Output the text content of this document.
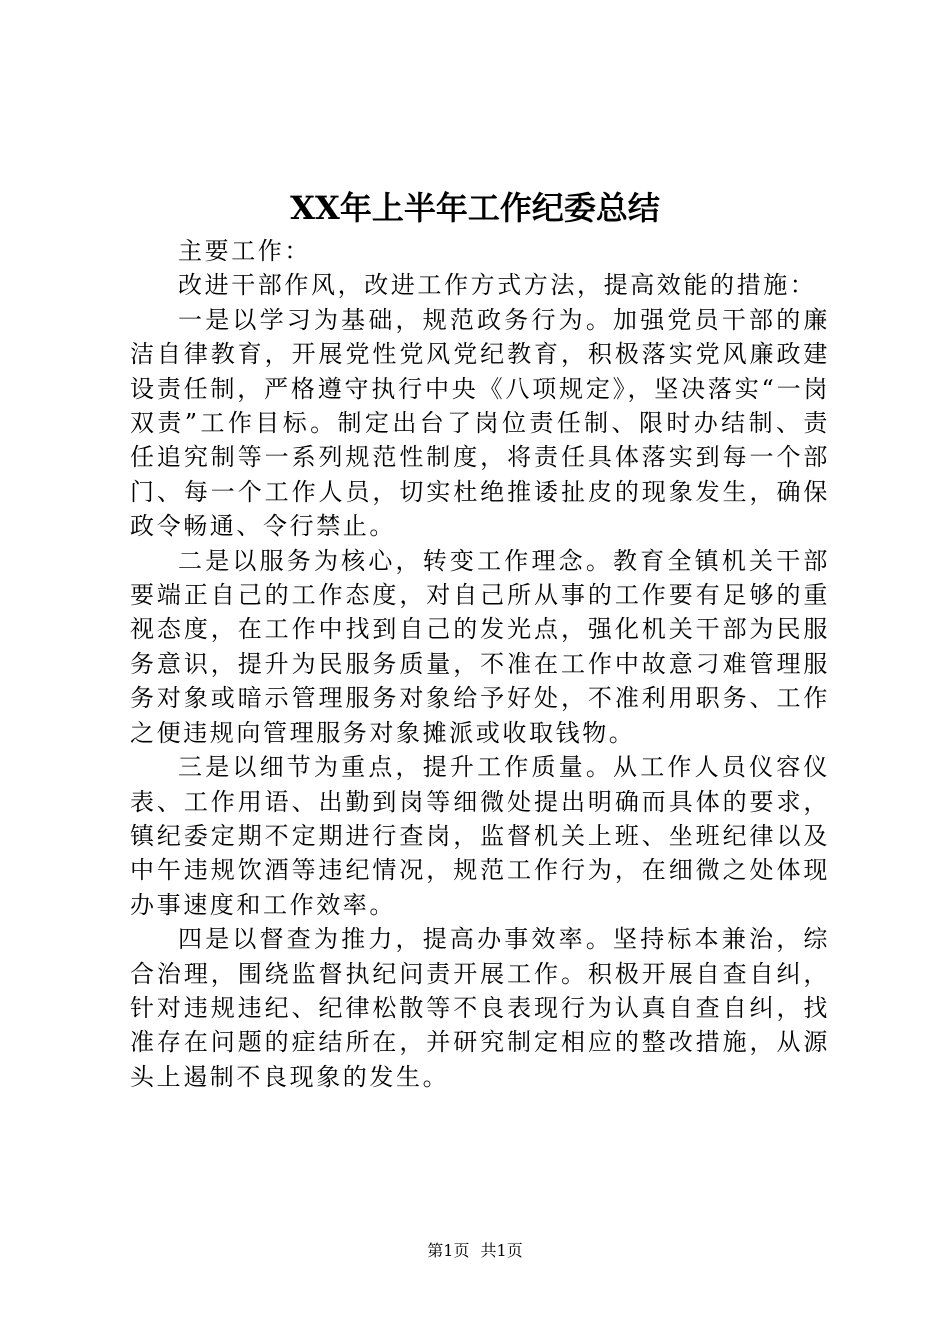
XX年上半年工作纪委总结

主要工作：

改进干部作风，改进工作方式方法，提高效能的措施：

一是以学习为基础，规范政务行为。加强党员干部的廉洁自律教育，开展党性党风党纪教育，积极落实党风廉政建设责任制，严格遵守执行中央《八项规定》，坚决落实“一岗双责”工作目标。制定出台了岗位责任制、限时办结制、责任追究制等一系列规范性制度，将责任具体落实到每一个部门、每一个工作人员，切实杜绝推诿扯皮的现象发生，确保政令畅通、令行禁止。

二是以服务为核心，转变工作理念。教育全镇机关干部要端正自己的工作态度，对自己所从事的工作要有足够的重视态度，在工作中找到自己的发光点，强化机关干部为民服务意识，提升为民服务质量，不准在工作中故意刁难管理服务对象或暗示管理服务对象给予好处，不准利用职务、工作之便违规向管理服务对象摊派或收取钱物。

三是以细节为重点，提升工作质量。从工作人员仪容仪表、工作用语、出勤到岗等细微处提出明确而具体的要求，镇纪委定期不定期进行查岗，监督机关上班、坐班纪律以及中午违规饮酒等违纪情况，规范工作行为，在细微之处体现办事速度和工作效率。

四是以督查为推力，提高办事效率。坚持标本兼治，综合治理，围绕监督执纪问责开展工作。积极开展自查自纠，针对违规违纪、纪律松散等不良表现行为认真自查自纠，找准存在问题的症结所在，并研究制定相应的整改措施，从源头上遏制不良现象的发生。

第1页 共1页
